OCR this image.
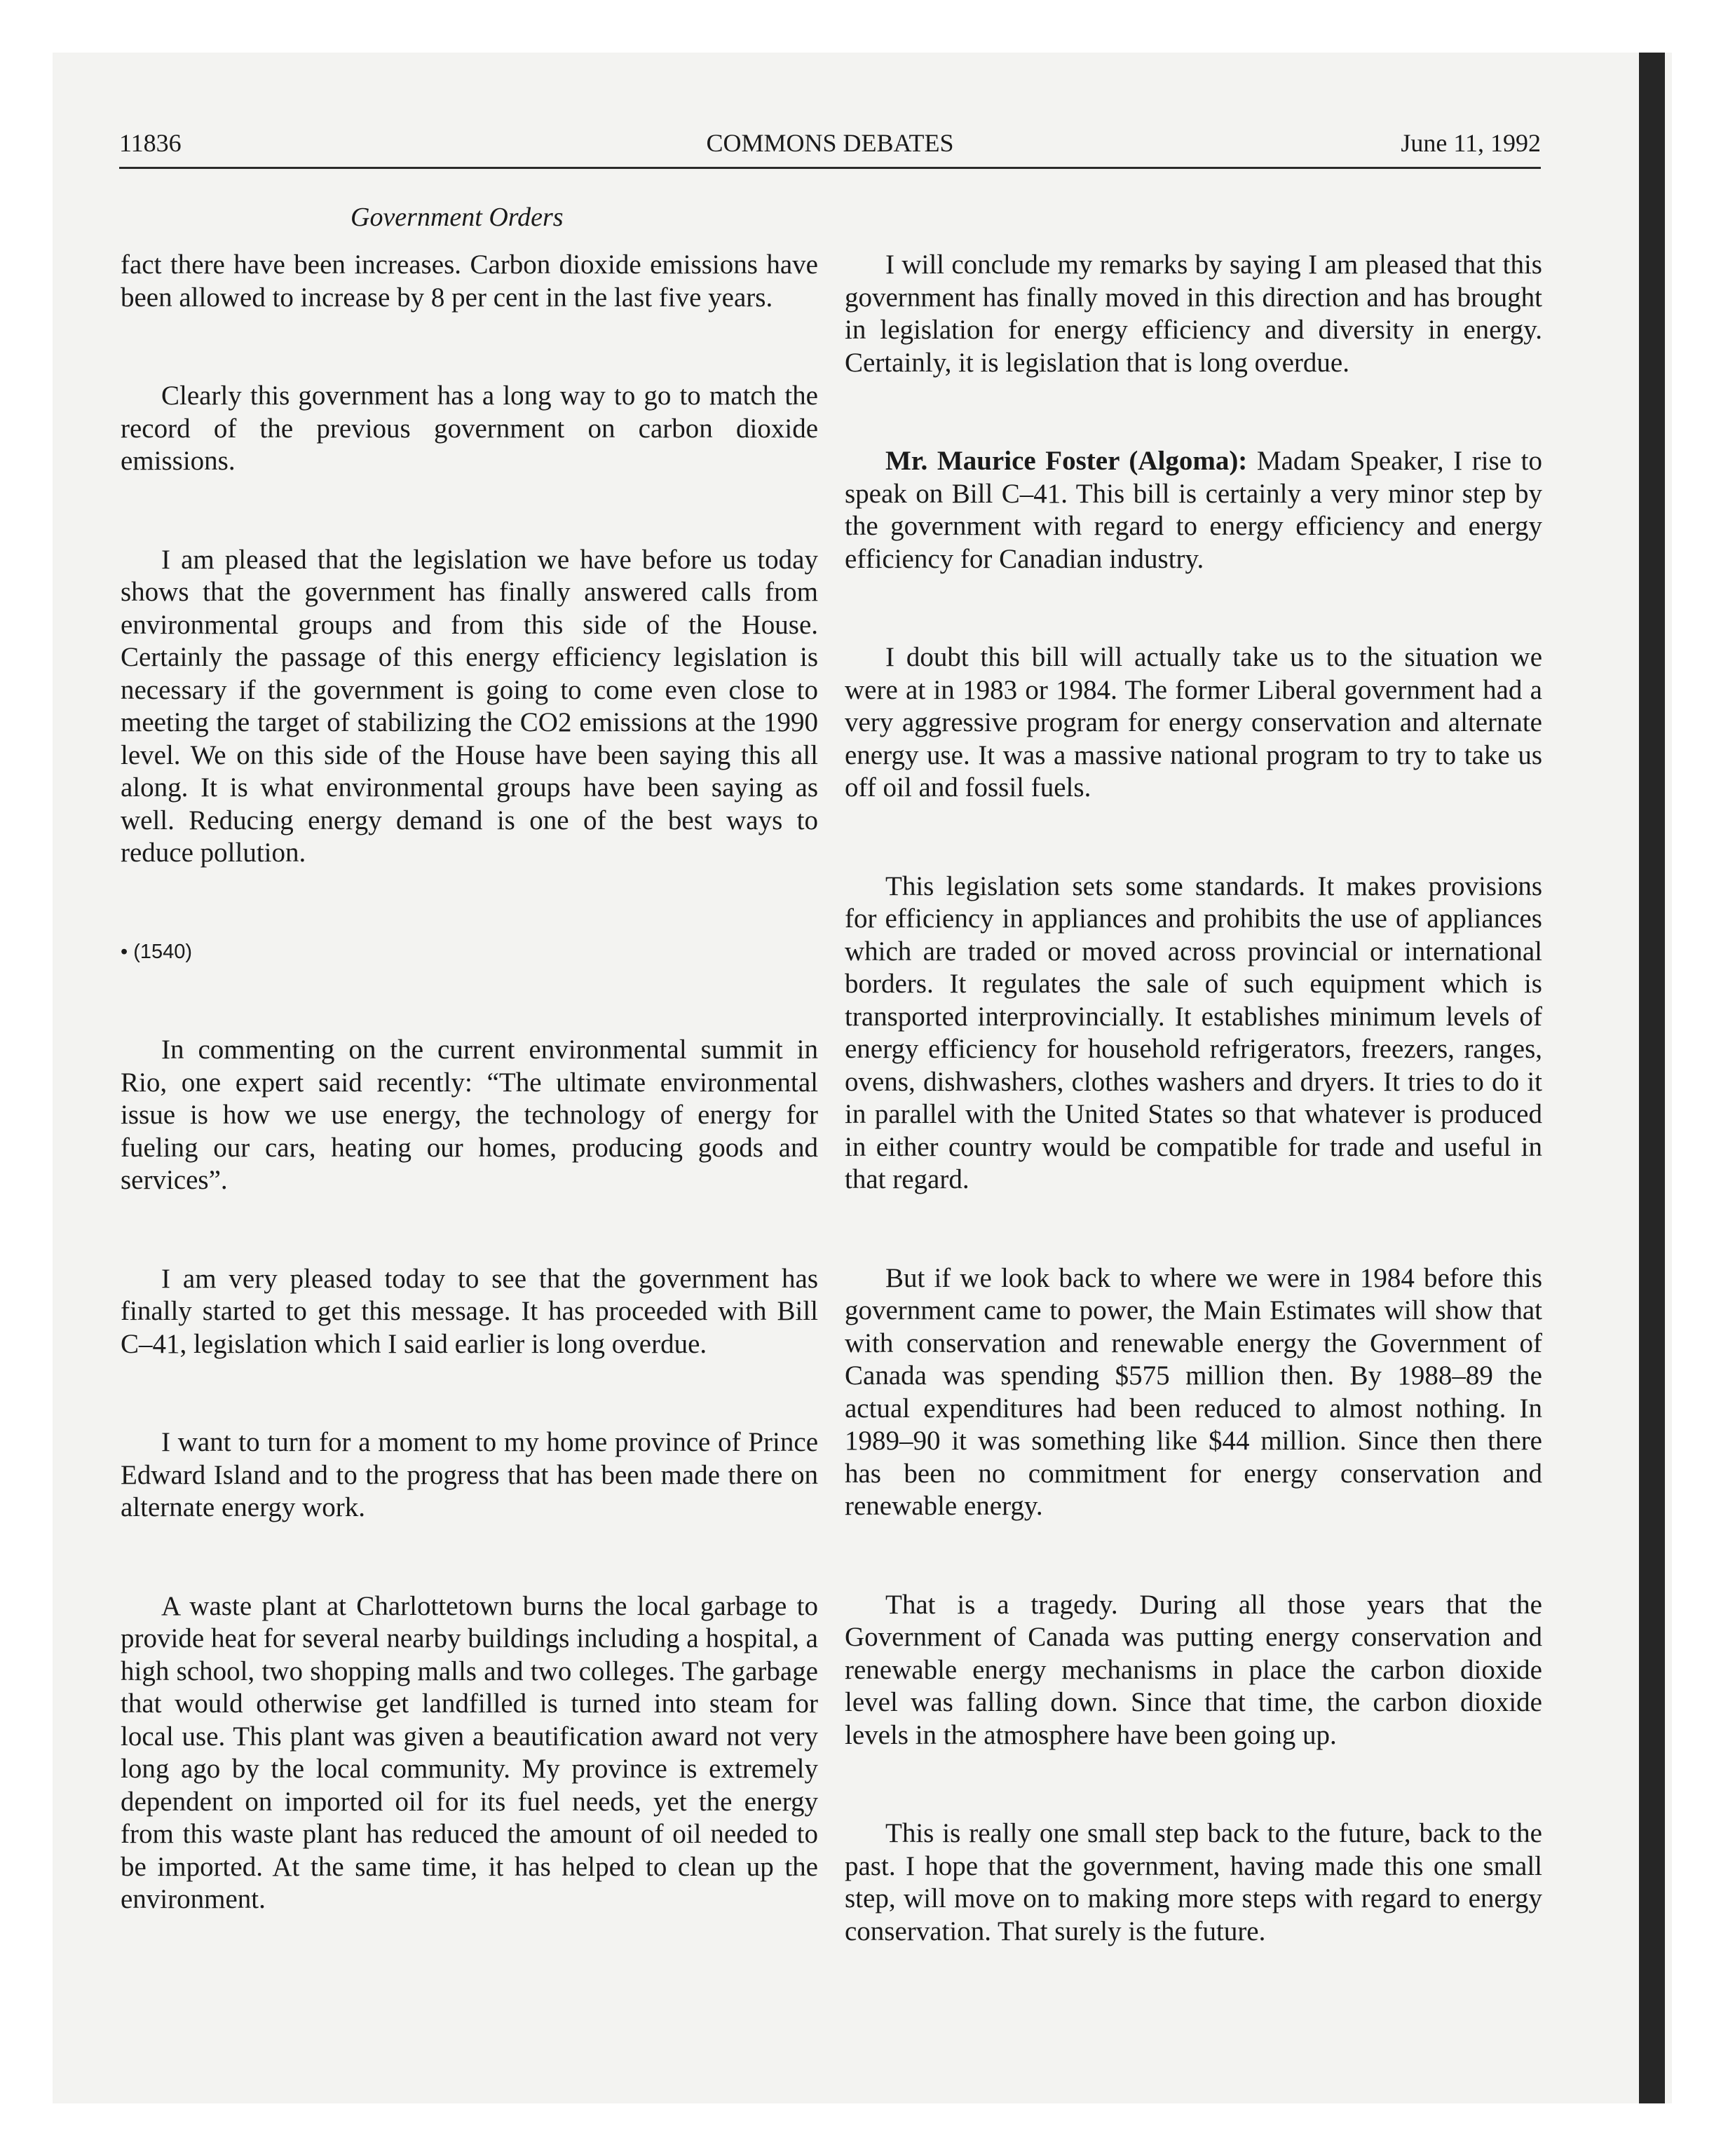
11836	COMMONS DEBATES	June 11, 1992
Government Orders

fact there have been increases. Carbon dioxide emissions have been allowed to increase by 8 per cent in the last five years.

Clearly this government has a long way to go to match the record of the previous government on carbon dioxide emissions.

I am pleased that the legislation we have before us today shows that the government has finally answered calls from environmental groups and from this side of the House. Certainly the passage of this energy efficiency legislation is necessary if the government is going to come even close to meeting the target of stabilizing the CO2 emissions at the 1990 level. We on this side of the House have been saying this all along. It is what environmental groups have been saying as well. Reducing energy demand is one of the best ways to reduce pollution.

• (1540)

In commenting on the current environmental summit in Rio, one expert said recently: “The ultimate environmental issue is how we use energy, the technology of energy for fueling our cars, heating our homes, producing goods and services”.

I am very pleased today to see that the government has finally started to get this message. It has proceeded with Bill C–41, legislation which I said earlier is long overdue.

I want to turn for a moment to my home province of Prince Edward Island and to the progress that has been made there on alternate energy work.

A waste plant at Charlottetown burns the local garbage to provide heat for several nearby buildings including a hospital, a high school, two shopping malls and two colleges. The garbage that would otherwise get landfilled is turned into steam for local use. This plant was given a beautification award not very long ago by the local community. My province is extremely dependent on imported oil for its fuel needs, yet the energy from this waste plant has reduced the amount of oil needed to be imported. At the same time, it has helped to clean up the environment.

I will conclude my remarks by saying I am pleased that this government has finally moved in this direction and has brought in legislation for energy efficiency and diversity in energy. Certainly, it is legislation that is long overdue.

Mr. Maurice Foster (Algoma): Madam Speaker, I rise to speak on Bill C–41. This bill is certainly a very minor step by the government with regard to energy efficiency and energy efficiency for Canadian industry.

I doubt this bill will actually take us to the situation we were at in 1983 or 1984. The former Liberal government had a very aggressive program for energy conservation and alternate energy use. It was a massive national program to try to take us off oil and fossil fuels.

This legislation sets some standards. It makes provisions for efficiency in appliances and prohibits the use of appliances which are traded or moved across provincial or international borders. It regulates the sale of such equipment which is transported interprovincially. It establishes minimum levels of energy efficiency for household refrigerators, freezers, ranges, ovens, dishwashers, clothes washers and dryers. It tries to do it in parallel with the United States so that whatever is produced in either country would be compatible for trade and useful in that regard.

But if we look back to where we were in 1984 before this government came to power, the Main Estimates will show that with conservation and renewable energy the Government of Canada was spending $575 million then. By 1988–89 the actual expenditures had been reduced to almost nothing. In 1989–90 it was something like $44 million. Since then there has been no commitment for energy conservation and renewable energy.

That is a tragedy. During all those years that the Government of Canada was putting energy conservation and renewable energy mechanisms in place the carbon dioxide level was falling down. Since that time, the carbon dioxide levels in the atmosphere have been going up.

This is really one small step back to the future, back to the past. I hope that the government, having made this one small step, will move on to making more steps with regard to energy conservation. That surely is the future.
